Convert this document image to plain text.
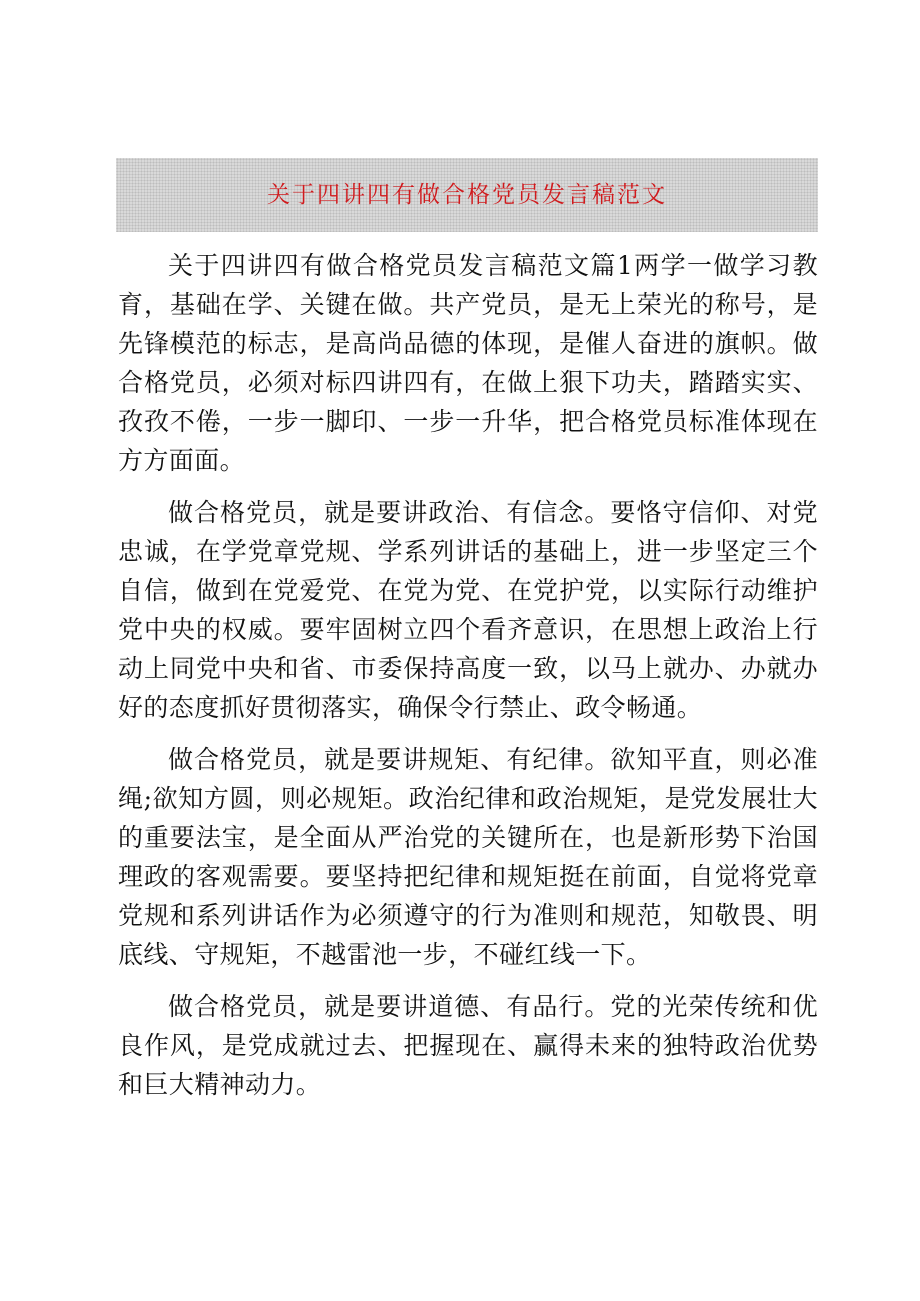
关于四讲四有做合格党员发言稿范文

关于四讲四有做合格党员发言稿范文篇1两学一做学习教育，基础在学、关键在做。共产党员，是无上荣光的称号，是先锋模范的标志，是高尚品德的体现，是催人奋进的旗帜。做合格党员，必须对标四讲四有，在做上狠下功夫，踏踏实实、孜孜不倦，一步一脚印、一步一升华，把合格党员标准体现在方方面面。

做合格党员，就是要讲政治、有信念。要恪守信仰、对党忠诚，在学党章党规、学系列讲话的基础上，进一步坚定三个自信，做到在党爱党、在党为党、在党护党，以实际行动维护党中央的权威。要牢固树立四个看齐意识，在思想上政治上行动上同党中央和省、市委保持高度一致，以马上就办、办就办好的态度抓好贯彻落实，确保令行禁止、政令畅通。

做合格党员，就是要讲规矩、有纪律。欲知平直，则必准绳;欲知方圆，则必规矩。政治纪律和政治规矩，是党发展壮大的重要法宝，是全面从严治党的关键所在，也是新形势下治国理政的客观需要。要坚持把纪律和规矩挺在前面，自觉将党章党规和系列讲话作为必须遵守的行为准则和规范，知敬畏、明底线、守规矩，不越雷池一步，不碰红线一下。

做合格党员，就是要讲道德、有品行。党的光荣传统和优良作风，是党成就过去、把握现在、赢得未来的独特政治优势和巨大精神动力。
